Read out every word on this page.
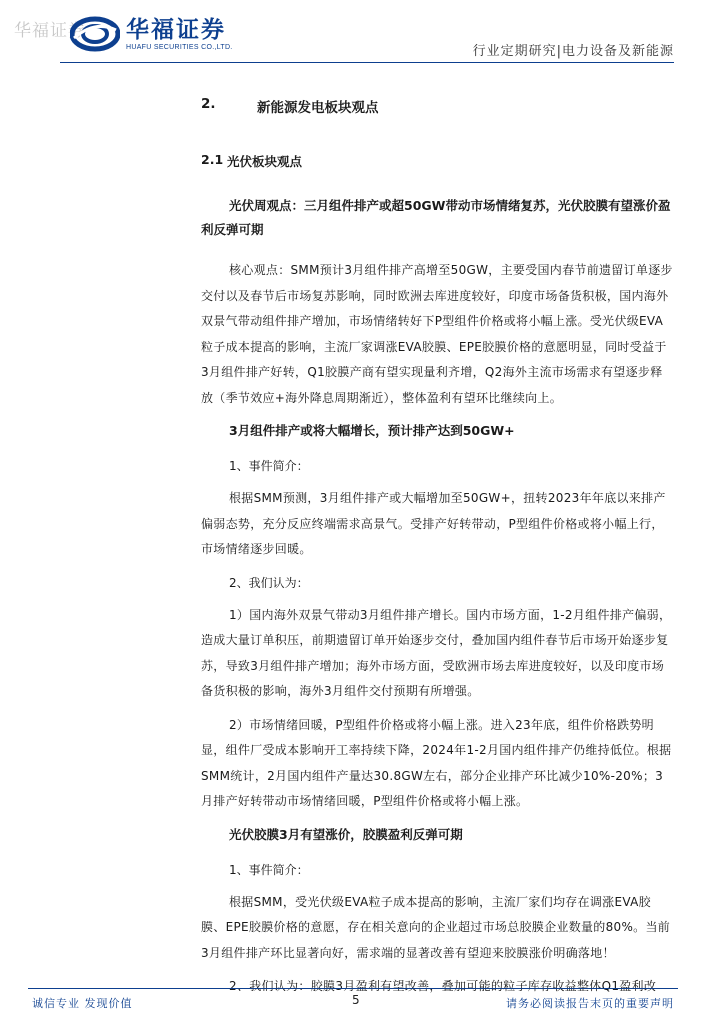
华福证券 华福证券
HUAFU SECURITIES CO.,LTD.	行业定期研究|电力设备及新能源
2.	新能源发电板块观点
2.1 光伏板块观点

光伏周观点：三月组件排产或超50GW带动市场情绪复苏，光伏胶膜有望涨价盈利反弹可期

核心观点：SMM预计3月组件排产高增至50GW，主要受国内春节前遗留订单逐步交付以及春节后市场复苏影响，同时欧洲去库进度较好，印度市场备货积极，国内海外双景气带动组件排产增加，市场情绪转好下P型组件价格或将小幅上涨。受光伏级EVA粒子成本提高的影响，主流厂家调涨EVA胶膜、EPE胶膜价格的意愿明显，同时受益于3月组件排产好转，Q1胶膜产商有望实现量利齐增，Q2海外主流市场需求有望逐步释放（季节效应+海外降息周期渐近），整体盈利有望环比继续向上。

3月组件排产或将大幅增长，预计排产达到50GW+

1、事件简介：

根据SMM预测，3月组件排产或大幅增加至50GW+，扭转2023年年底以来排产偏弱态势，充分反应终端需求高景气。受排产好转带动，P型组件价格或将小幅上行，市场情绪逐步回暖。

2、我们认为：

1）国内海外双景气带动3月组件排产增长。国内市场方面，1-2月组件排产偏弱，造成大量订单积压，前期遗留订单开始逐步交付，叠加国内组件春节后市场开始逐步复苏，导致3月组件排产增加；海外市场方面，受欧洲市场去库进度较好，以及印度市场备货积极的影响，海外3月组件交付预期有所增强。

2）市场情绪回暖，P型组件价格或将小幅上涨。进入23年底，组件价格跌势明显，组件厂受成本影响开工率持续下降，2024年1-2月国内组件排产仍维持低位。根据SMM统计，2月国内组件产量达30.8GW左右，部分企业排产环比减少10%-20%；3月排产好转带动市场情绪回暖，P型组件价格或将小幅上涨。

光伏胶膜3月有望涨价，胶膜盈利反弹可期

1、事件简介：

根据SMM，受光伏级EVA粒子成本提高的影响，主流厂家们均存在调涨EVA胶膜、EPE胶膜价格的意愿，存在相关意向的企业超过市场总胶膜企业数量的80%。当前3月组件排产环比显著向好，需求端的显著改善有望迎来胶膜涨价明确落地！

2、我们认为：胶膜3月盈利有望改善，叠加可能的粒子库存收益整体Q1盈利改

诚信专业 发现价值	5	请务必阅读报告末页的重要声明
